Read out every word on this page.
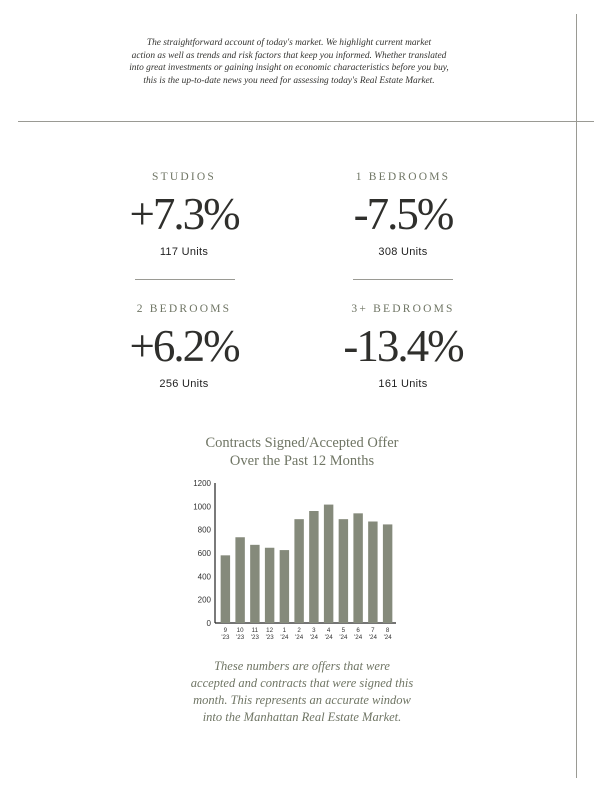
The straightforward account of today's market. We highlight current market
action as well as trends and risk factors that keep you informed. Whether translated
into great investments or gaining insight on economic characteristics before you buy,
this is the up-to-date news you need for assessing today's Real Estate Market.
STUDIOS
+7.3%
117 Units
1 BEDROOMS
-7.5%
308 Units
2 BEDROOMS
+6.2%
256 Units
3+ BEDROOMS
-13.4%
161 Units
Contracts Signed/Accepted Offer
Over the Past 12 Months
0
200
400
600
800
1000
1200
9
'23
10
'23
11
'23
12
'23
1
'24
2
'24
3
'24
4
'24
5
'24
6
'24
7
'24
8
'24
These numbers are offers that were
accepted and contracts that were signed this
month. This represents an accurate window
into the Manhattan Real Estate Market.
